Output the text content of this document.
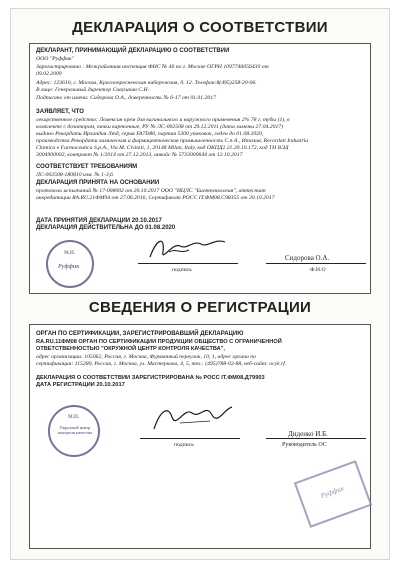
ДЕКЛАРАЦИЯ О СООТВЕТСТВИИ
ДЕКЛАРАНТ, ПРИНИМАЮЩИЙ ДЕКЛАРАЦИЮ О СООТВЕТСТВИИ
ООО "Руффик"
Зарегистрировано : Межрайонная инспекция ФНС № 46 по г. Москве ОГРН 1097746056430 от
09.02.2009
Адрес: 123610, г. Москва, Краснопресненская набережная, д. 12. Телефон:8(495)258-20-06.
В лице: Генеральный директор Савушкин С.Н.
Подписано от имени: Сидорова О.А., доверенность № 6-17 от 01.01.2017
ЗАЯВЛЯЕТ, ЧТО
лекарственное средство: Ломексин крем для вагинального и наружного применения 2% 78 г, тубы (1), в
комплекте с дозатором, пачки картонные, РУ № ЛС-002508 от 29.12.2011 (дата замены 27.04.2017)
выдано Рекордати Ирландия Лтд, серия FA7D86, партия 5300 упаковок, годен до 01.08.2020,
производства Рекордати химическая и фармацевтическая промышленность С.п.А., Италия, Recordati Industria
Chimica e Farmaceutica S.p.A., Via M. Civitali, 1, 20148 Milan, Italy, код ОКПД2 21.20.10.172, код ТН ВЭД
3004900002, контракт № 1/2014 от 27.12.2013, инвойс № 5733000644 от 12.10.2017
СООТВЕТСТВУЕТ ТРЕБОВАНИЯМ
ЛС-002508-180810 изм. № 1-3,6
ДЕКЛАРАЦИЯ ПРИНЯТА НА ОСНОВАНИИ
протокола испытаний № 17-008002 от 20.10.2017 ООО "ИЦЛС "Биотехнология", аттестат
аккредитации RA.RU.21ФМ94 от 27.06.2016, Сертификат РОСС IT.ФМ08.C98355 от 20.10.2017
ДАТА ПРИНЯТИЯ ДЕКЛАРАЦИИ 20.10.2017
ДЕКЛАРАЦИЯ ДЕЙСТВИТЕЛЬНА ДО 01.08.2020
М.П.
Руффик	подпись
Сидорова О.А.
Ф.И.О
СВЕДЕНИЯ О РЕГИСТРАЦИИ
ОРГАН ПО СЕРТИФИКАЦИИ, ЗАРЕГИСТРИРОВАВШИЙ ДЕКЛАРАЦИЮ
RA.RU.11ФМ08 ОРГАН ПО СЕРТИФИКАЦИИ ПРОДУКЦИИ ОБЩЕСТВО С ОГРАНИЧЕННОЙ
ОТВЕТСТВЕННОСТЬЮ "ОКРУЖНОЙ ЦЕНТР КОНТРОЛЯ КАЧЕСТВА",
адрес организации: 105062, Россия, г. Москва, Фурманный переулок, 10, 1, адрес органа по
сертификации: 115280, Россия, г. Москва, ул. Мастеркова, 4, 5, тел.: (495)788-02-88, веб-сайт: ocyk.rf.
ДЕКЛАРАЦИЯ О СООТВЕТСТВИИ ЗАРЕГИСТРИРОВАНА № РОСС IT.ФМ08.Д79903
ДАТА РЕГИСТРАЦИИ 20.10.2017
М.П.
Окружной центр контроля качества
подпись
Диденко И.Б.
Руководитель ОС
Руффик
